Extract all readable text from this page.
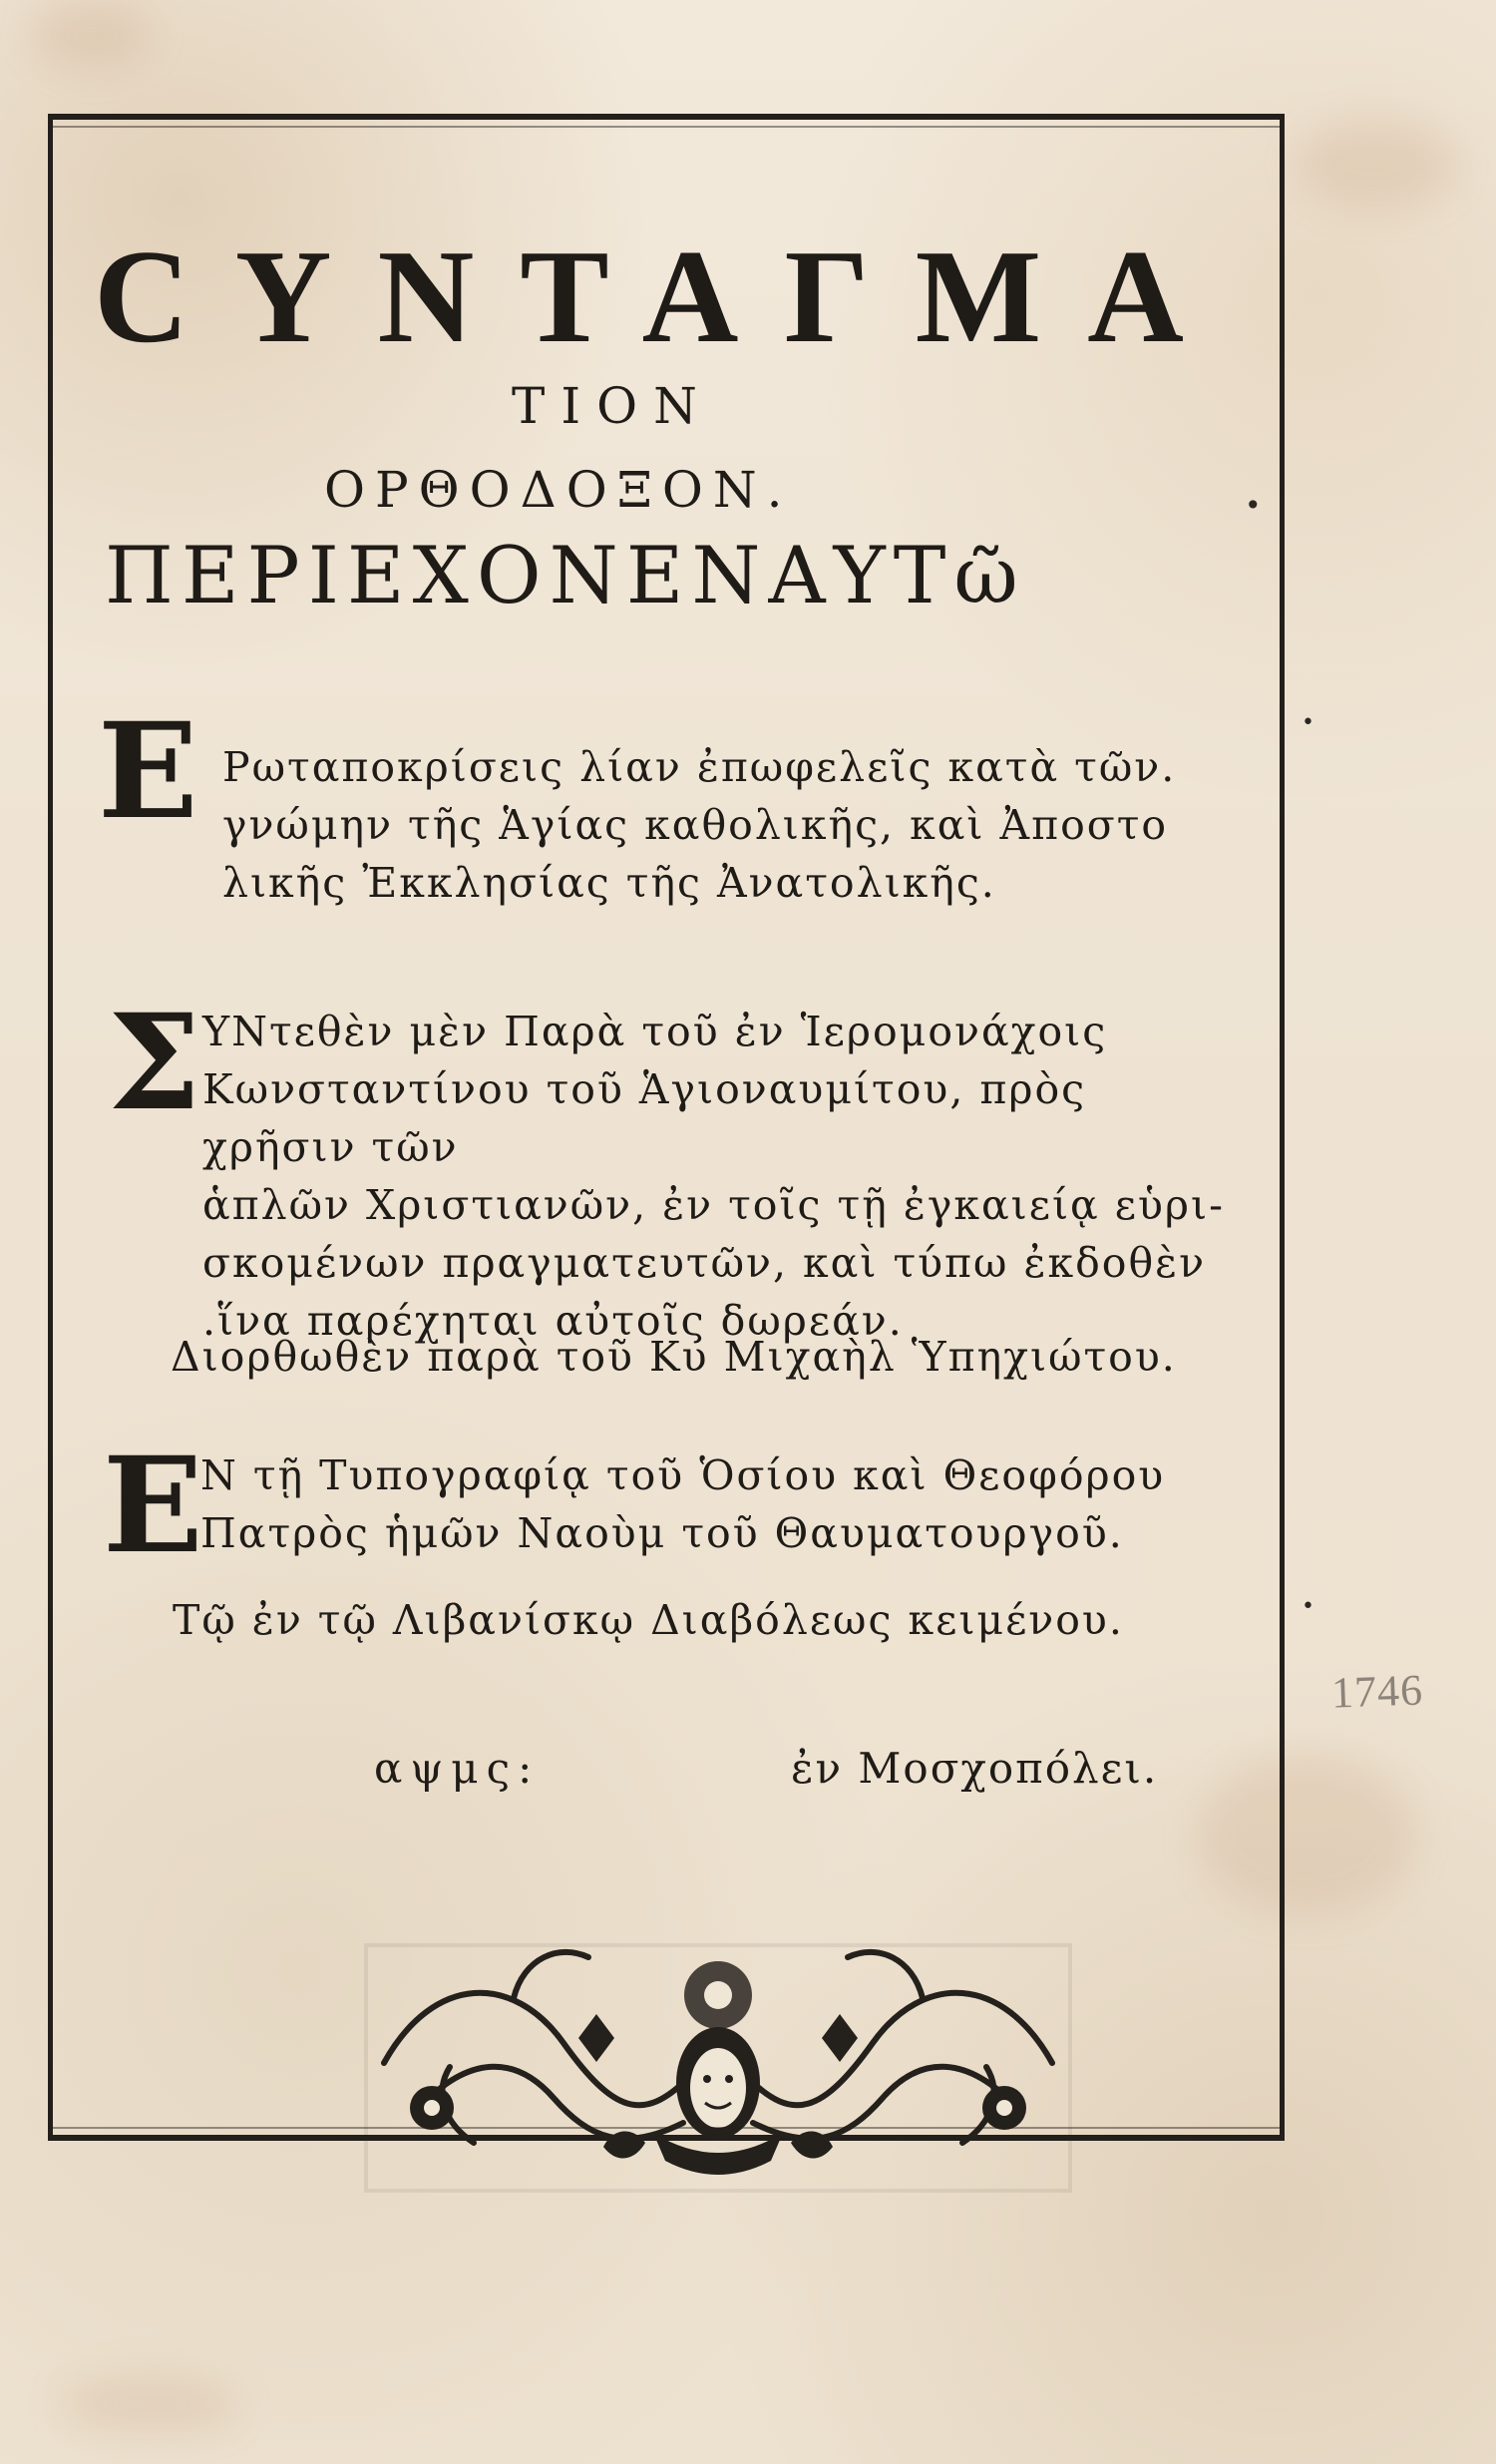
ϹΥΝΤΑΓΜΑ
ΤΙΟΝ
ΟΡΘΟΔΟΞΟΝ.
ΠΕΡΙΕΧΟΝΕΝΑΥΤῶ
Ε Ρωταποκρίσεις λίαν ἐπωφελεῖς κατὰ τῶν.
γνώμην τῆς Ἁγίας καθολικῆς, καὶ Ἀποστο
λικῆς Ἐκκλησίας τῆς Ἀνατολικῆς.
Σ ΥΝτεθὲν μὲν Παρὰ τοῦ ἐν Ἱερομονάχοις
Κωνσταντίνου τοῦ Ἁγιοναυμίτου, πρὸς χρῆσιν τῶν
ἁπλῶν Χριστιανῶν, ἐν τοῖς τῇ ἐγκαιείᾳ εὑρι-
σκομένων πραγματευτῶν, καὶ τύπω ἐκδοθὲν
.ἵνα παρέχηται αὐτοῖς δωρεάν.
Διορθωθὲν παρὰ τοῦ Κυ Μιχαὴλ Ὑπηχιώτου.
Ε
Ν τῇ Τυπογραφίᾳ τοῦ Ὁσίου καὶ Θεοφόρου
Πατρὸς ἡμῶν Ναοὺμ τοῦ Θαυματουργοῦ.
Τῷ ἐν τῷ Λιβανίσκῳ Διαβόλεως κειμένου.
αψμς:	ἐν Μοσχοπόλει.
•
•
•
1746
